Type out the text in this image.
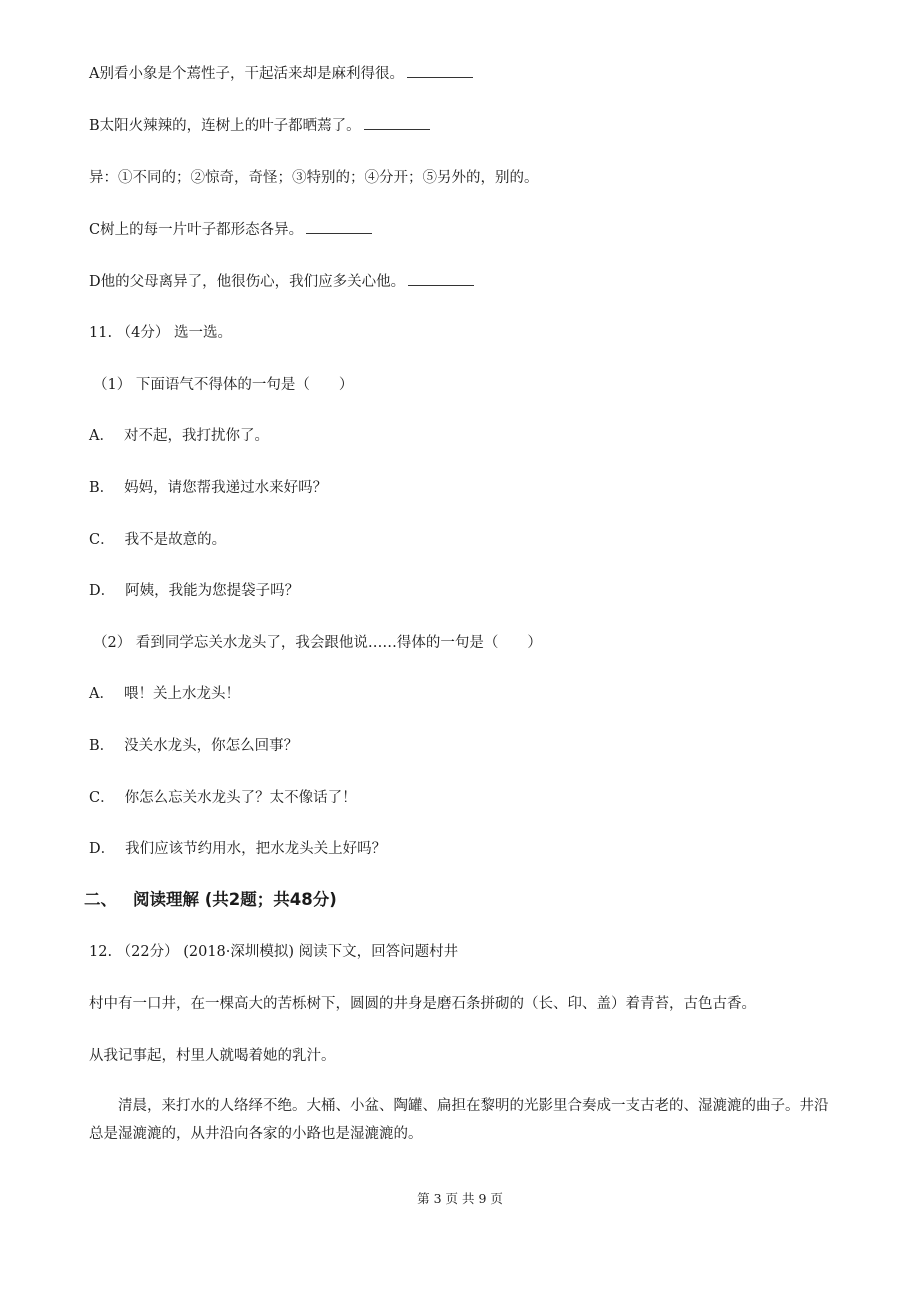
A别看小象是个蔫性子，干起活来却是麻利得很。
B太阳火辣辣的，连树上的叶子都晒蔫了。
异：①不同的；②惊奇，奇怪；③特别的；④分开；⑤另外的，别的。
C树上的每一片叶子都形态各异。
D他的父母离异了，他很伤心，我们应多关心他。
11. （4分） 选一选。
（1） 下面语气不得体的一句是（　　）
A． 对不起，我打扰你了。
B． 妈妈，请您帮我递过水来好吗？
C． 我不是故意的。
D． 阿姨，我能为您提袋子吗？
（2） 看到同学忘关水龙头了，我会跟他说……得体的一句是（　　）
A． 喂！关上水龙头！
B． 没关水龙头，你怎么回事？
C． 你怎么忘关水龙头了？太不像话了！
D． 我们应该节约用水，把水龙头关上好吗？
二、 阅读理解 (共2题；共48分)
12. （22分） (2018·深圳模拟) 阅读下文，回答问题村井
村中有一口井，在一棵高大的苦栎树下，圆圆的井身是磨石条拼砌的（长、印、盖）着青苔，古色古香。
从我记事起，村里人就喝着她的乳汁。
清晨，来打水的人络绎不绝。大桶、小盆、陶罐、扁担在黎明的光影里合奏成一支古老的、湿漉漉的曲子。井沿总是湿漉漉的，从井沿向各家的小路也是湿漉漉的。
第 3 页 共 9 页
